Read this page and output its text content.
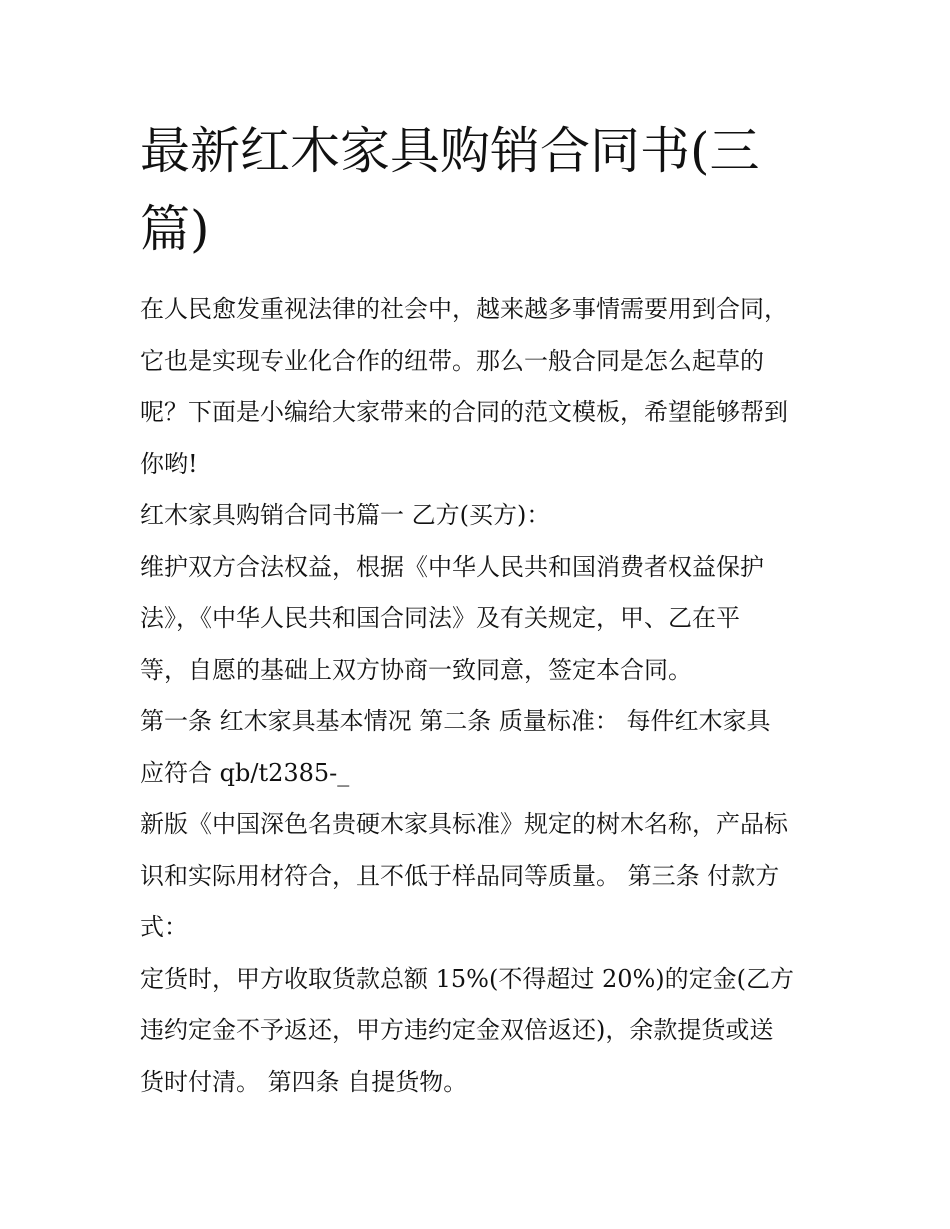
最新红木家具购销合同书(三
篇)

在人民愈发重视法律的社会中，越来越多事情需要用到合同，
它也是实现专业化合作的纽带。那么一般合同是怎么起草的
呢？下面是小编给大家带来的合同的范文模板，希望能够帮到
你哟!

红木家具购销合同书篇一 乙方(买方)：

维护双方合法权益，根据《中华人民共和国消费者权益保护
法》，《中华人民共和国合同法》及有关规定，甲、乙在平
等，自愿的基础上双方协商一致同意，签定本合同。

第一条 红木家具基本情况 第二条 质量标准： 每件红木家具
应符合 qb/t2385-_

新版《中国深色名贵硬木家具标准》规定的树木名称，产品标
识和实际用材符合，且不低于样品同等质量。 第三条 付款方
式：

定货时，甲方收取货款总额 15%(不得超过 20%)的定金(乙方
违约定金不予返还，甲方违约定金双倍返还)，余款提货或送
货时付清。 第四条 自提货物。
